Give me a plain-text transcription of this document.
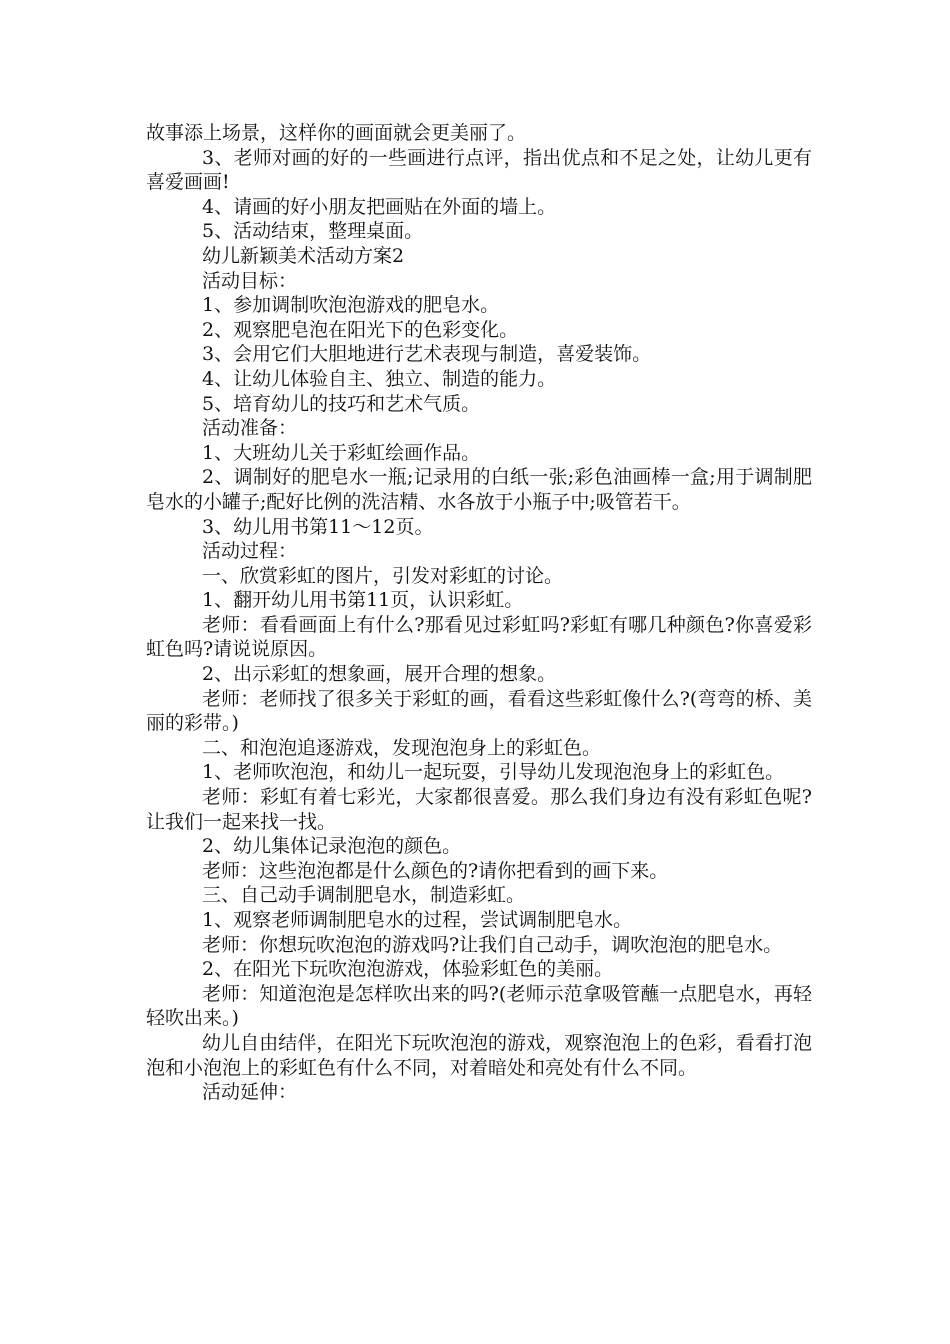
故事添上场景，这样你的画面就会更美丽了。

3、老师对画的好的一些画进行点评，指出优点和不足之处，让幼儿更有喜爱画画!

4、请画的好小朋友把画贴在外面的墙上。

5、活动结束，整理桌面。

幼儿新颖美术活动方案2

活动目标：

1、参加调制吹泡泡游戏的肥皂水。

2、观察肥皂泡在阳光下的色彩变化。

3、会用它们大胆地进行艺术表现与制造，喜爱装饰。

4、让幼儿体验自主、独立、制造的能力。

5、培育幼儿的技巧和艺术气质。

活动准备：

1、大班幼儿关于彩虹绘画作品。

2、调制好的肥皂水一瓶;记录用的白纸一张;彩色油画棒一盒;用于调制肥皂水的小罐子;配好比例的洗洁精、水各放于小瓶子中;吸管若干。

3、幼儿用书第11～12页。

活动过程：

一、欣赏彩虹的图片，引发对彩虹的讨论。

1、翻开幼儿用书第11页，认识彩虹。

老师：看看画面上有什么?那看见过彩虹吗?彩虹有哪几种颜色?你喜爱彩虹色吗?请说说原因。

2、出示彩虹的想象画，展开合理的想象。

老师：老师找了很多关于彩虹的画，看看这些彩虹像什么?(弯弯的桥、美丽的彩带。)

二、和泡泡追逐游戏，发现泡泡身上的彩虹色。

1、老师吹泡泡，和幼儿一起玩耍，引导幼儿发现泡泡身上的彩虹色。

老师：彩虹有着七彩光，大家都很喜爱。那么我们身边有没有彩虹色呢?让我们一起来找一找。

2、幼儿集体记录泡泡的颜色。

老师：这些泡泡都是什么颜色的?请你把看到的画下来。

三、自己动手调制肥皂水，制造彩虹。

1、观察老师调制肥皂水的过程，尝试调制肥皂水。

老师：你想玩吹泡泡的游戏吗?让我们自己动手，调吹泡泡的肥皂水。

2、在阳光下玩吹泡泡游戏，体验彩虹色的美丽。

老师：知道泡泡是怎样吹出来的吗?(老师示范拿吸管蘸一点肥皂水，再轻轻吹出来。)

幼儿自由结伴，在阳光下玩吹泡泡的游戏，观察泡泡上的色彩，看看打泡泡和小泡泡上的彩虹色有什么不同，对着暗处和亮处有什么不同。

活动延伸：
